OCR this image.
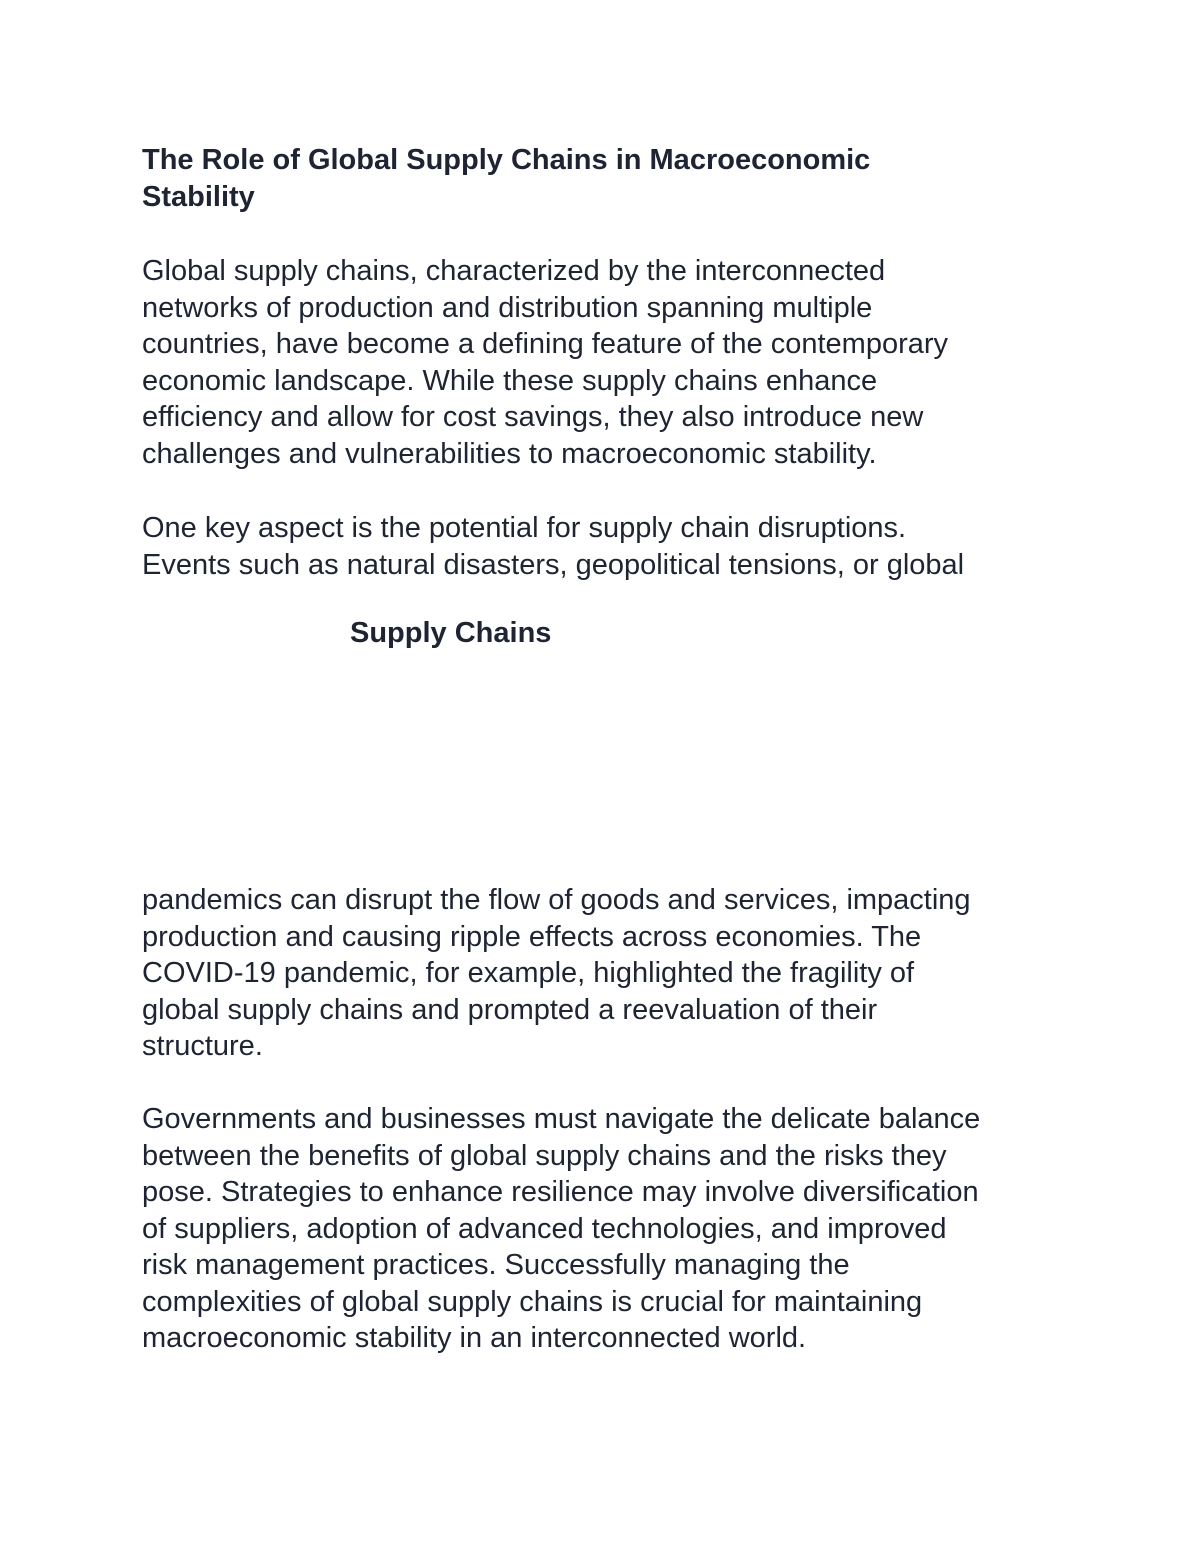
The Role of Global Supply Chains in Macroeconomic
Stability

Global supply chains, characterized by the interconnected
networks of production and distribution spanning multiple
countries, have become a defining feature of the contemporary
economic landscape. While these supply chains enhance
efficiency and allow for cost savings, they also introduce new
challenges and vulnerabilities to macroeconomic stability.

One key aspect is the potential for supply chain disruptions.
Events such as natural disasters, geopolitical tensions, or global

Supply Chains

pandemics can disrupt the flow of goods and services, impacting
production and causing ripple effects across economies. The
COVID-19 pandemic, for example, highlighted the fragility of
global supply chains and prompted a reevaluation of their
structure.

Governments and businesses must navigate the delicate balance
between the benefits of global supply chains and the risks they
pose. Strategies to enhance resilience may involve diversification
of suppliers, adoption of advanced technologies, and improved
risk management practices. Successfully managing the
complexities of global supply chains is crucial for maintaining
macroeconomic stability in an interconnected world.
